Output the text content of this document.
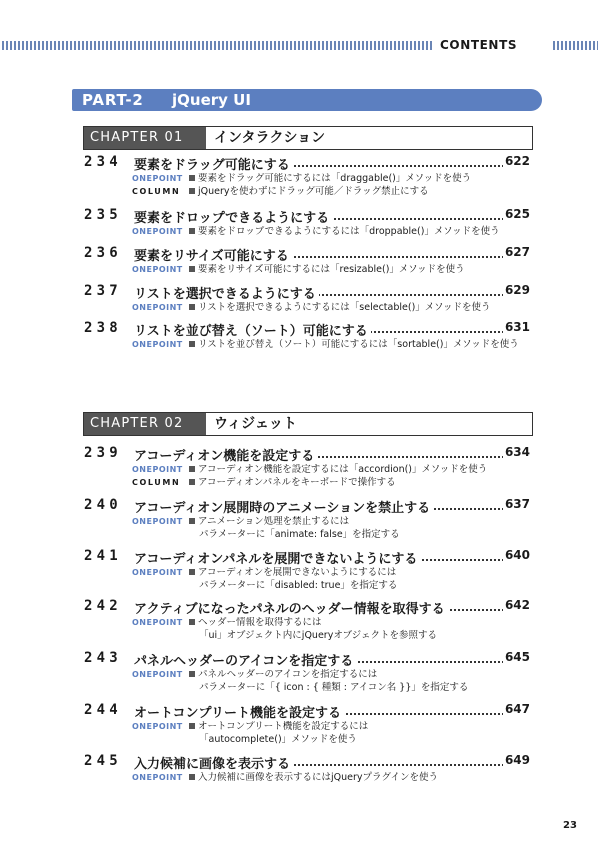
CONTENTS
PART-2 jQuery UI
CHAPTER 01	インタラクション
234 要素をドラッグ可能にする	622
ONEPOINT 要素をドラッグ可能にするには「draggable()」メソッドを使う
COLUMN jQueryを使わずにドラッグ可能／ドラッグ禁止にする
235 要素をドロップできるようにする	625
ONEPOINT 要素をドロップできるようにするには「droppable()」メソッドを使う
236 要素をリサイズ可能にする	627
ONEPOINT 要素をリサイズ可能にするには「resizable()」メソッドを使う
237 リストを選択できるようにする	629
ONEPOINT リストを選択できるようにするには「selectable()」メソッドを使う
238 リストを並び替え（ソート）可能にする	631
ONEPOINT リストを並び替え（ソート）可能にするには「sortable()」メソッドを使う
CHAPTER 02	ウィジェット
239 アコーディオン機能を設定する	634
ONEPOINT アコーディオン機能を設定するには「accordion()」メソッドを使う
COLUMN アコーディオンパネルをキーボードで操作する
240 アコーディオン展開時のアニメーションを禁止する	637
ONEPOINT アニメーション処理を禁止するには
パラメーターに「animate: false」を指定する
241 アコーディオンパネルを展開できないようにする	640
ONEPOINT アコーディオンを展開できないようにするには
パラメーターに「disabled: true」を指定する
242 アクティブになったパネルのヘッダー情報を取得する	642
ONEPOINT ヘッダー情報を取得するには
「ui」オブジェクト内にjQueryオブジェクトを参照する
243 パネルヘッダーのアイコンを指定する	645
ONEPOINT パネルヘッダーのアイコンを指定するには
パラメーターに「{ icon : { 種類 : アイコン名 }}」を指定する
244 オートコンプリート機能を設定する	647
ONEPOINT オートコンプリート機能を設定するには
「autocomplete()」メソッドを使う
245 入力候補に画像を表示する	649
ONEPOINT 入力候補に画像を表示するにはjQueryプラグインを使う
23
